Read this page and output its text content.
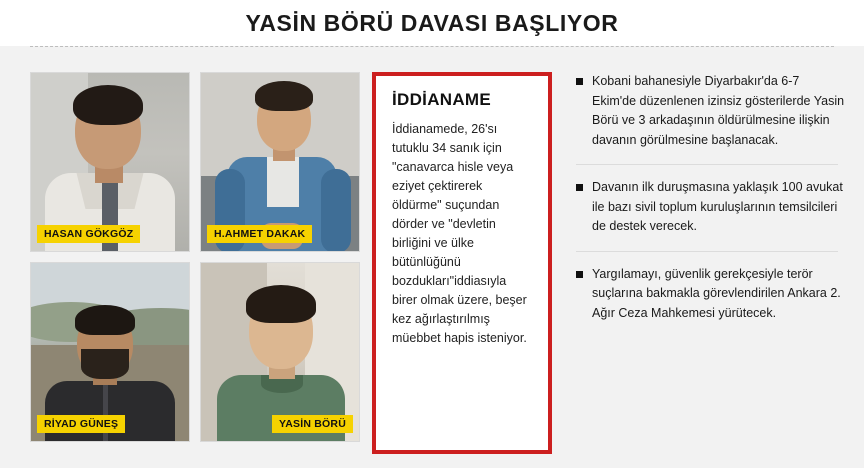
YASİN BÖRÜ DAVASI BAŞLIYOR
HASAN GÖKGÖZ	H.AHMET DAKAK
RİYAD GÜNEŞ	YASİN BÖRÜ
İDDİANAME

İddianamede, 26'sı tutuklu 34 sanık için "canavarca hisle veya eziyet çektirerek öldürme" suçundan dörder ve "devletin birliğini ve ülke bütünlüğünü bozdukları"iddiasıyla birer olmak üzere, beşer kez ağırlaştırılmış müebbet hapis isteniyor.

Kobani bahanesiyle Diyarbakır'da 6-7 Ekim'de düzenlenen izinsiz gösterilerde Yasin Börü ve 3 arkadaşının öldürülmesine ilişkin davanın görülmesine başlanacak.
Davanın ilk duruşmasına yaklaşık 100 avukat ile bazı sivil toplum kuruluşlarının temsilcileri de destek verecek.
Yargılamayı, güvenlik gerekçesiyle terör suçlarına bakmakla görevlendirilen Ankara 2. Ağır Ceza Mahkemesi yürütecek.
